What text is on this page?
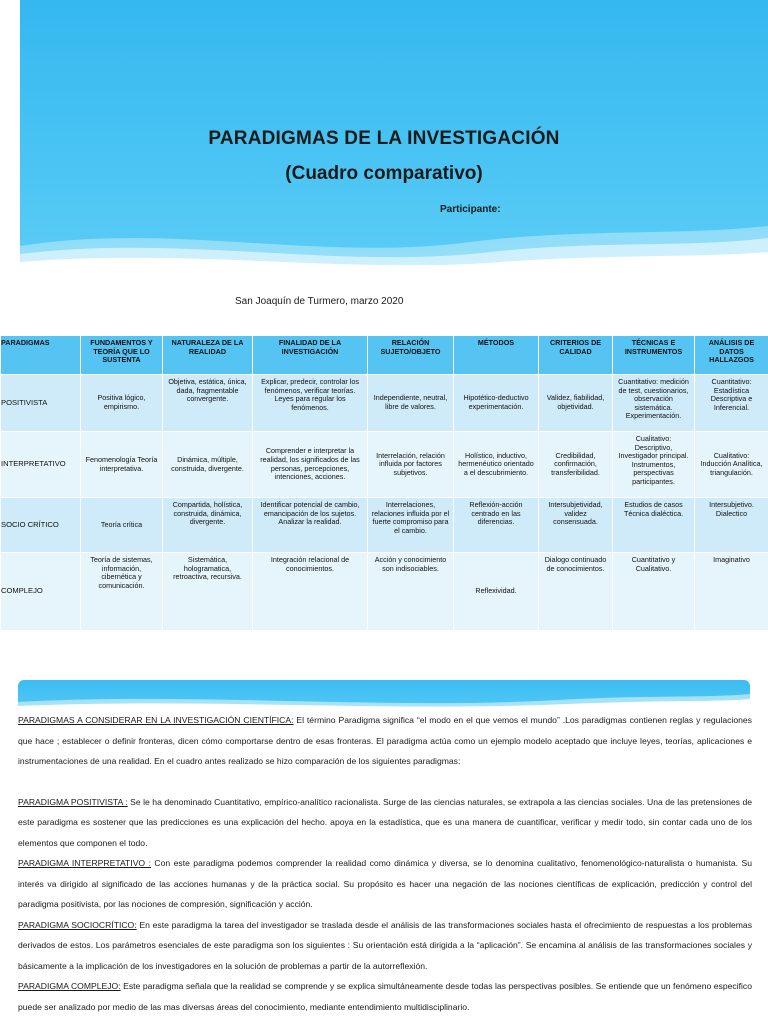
PARADIGMAS DE LA INVESTIGACIÓN
(Cuadro comparativo)
Participante:
San Joaquín de Turmero, marzo 2020
PARADIGMAS	FUNDAMENTOS Y TEORÍA QUE LO SUSTENTA	NATURALEZA DE LA REALIDAD	FINALIDAD DE LA INVESTIGACIÓN	RELACIÓN SUJETO/OBJETO	MÉTODOS	CRITERIOS DE CALIDAD	TÉCNICAS E INSTRUMENTOS	ANÁLISIS DE DATOS HALLAZGOS
POSITIVISTA	Positiva lógico, empirismo.	Objetiva, estática, única, dada, fragmentable convergente.	Explicar, predecir, controlar los fenómenos, verificar teorías. Leyes para regular los fenómenos.	Independiente, neutral, libre de valores.	Hipotético-deductivo experimentación.	Validez, fiabilidad, objetividad.	Cuantitativo: medición de test, cuestionarios, observación sistemática. Experimentación.	Cuantitativo: Estadística Descriptiva e Inferencial.
INTERPRETATIVO	Fenomenología Teoría interpretativa.	Dinámica, múltiple, construida, divergente.	Comprender e interpretar la realidad, los significados de las personas, percepciones, intenciones, acciones.	Interrelación, relación influida por factores subjetivos.	Holístico, inductivo, hermenéutico orientado a el descubrimiento.	Credibilidad, confirmación, transferibilidad.	Cualitativo: Descriptivo, Investigador principal. Instrumentos, perspectivas participantes.	Cualitativo: Inducción Analítica, triangulación.
SOCIO CRÍTICO	Teoría crítica	Compartida, holística, construida, dinámica, divergente.	Identificar potencial de cambio, emancipación de los sujetos. Analizar la realidad.	Interrelaciones, relaciones influida por el fuerte compromiso para el cambio.	Reflexión-acción centrado en las diferencias.	Intersubjetividad, validez consensuada.	Estudios de casos Técnica dialéctica.	Intersubjetivo. Dialectico
COMPLEJO	Teoría de sistemas, información, cibernética y comunicación.	Sistemática, hologramatica, retroactiva, recursiva.	Integración relacional de conocimientos.	Acción y conocimiento son indisociables.	Reflexividad.	Dialogo continuado de conocimientos.	Cuantitativo y Cualitativo.	Imaginativo

PARADIGMAS A CONSIDERAR EN LA INVESTIGACIÓN CIENTÍFICA: El término Paradigma significa “el modo en el que vemos el mundo” .Los paradigmas contienen reglas y regulaciones que hace ; establecer o definir fronteras, dicen cómo comportarse dentro de esas fronteras. El paradigma actúa como un ejemplo modelo aceptado que incluye leyes, teorías, aplicaciones e instrumentaciones de una realidad. En el cuadro antes realizado se hizo comparación de los siguientes paradigmas:

PARADIGMA POSITIVISTA : Se le ha denominado Cuantitativo, empírico-analítico racionalista. Surge de las ciencias naturales, se extrapola a las ciencias sociales. Una de las pretensiones de este paradigma es sostener que las predicciones es una explicación del hecho. apoya en la estadística, que es una manera de cuantificar, verificar y medir todo, sin contar cada uno de los elementos que componen el todo.

PARADIGMA INTERPRETATIVO : Con este paradigma podemos comprender la realidad como dinámica y diversa, se lo denomina cualitativo, fenomenológico-naturalista o humanista. Su interés va dirigido al significado de las acciones humanas y de la práctica social. Su propósito es hacer una negación de las nociones científicas de explicación, predicción y control del paradigma positivista, por las nociones de compresión, significación y acción.

PARADIGMA SOCIOCRÍTICO: En este paradigma la tarea del investigador se traslada desde el análisis de las transformaciones sociales hasta el ofrecimiento de respuestas a los problemas derivados de estos. Los parámetros esenciales de este paradigma son los siguientes : Su orientación está dirigida a la “aplicación”. Se encamina al análisis de las transformaciones sociales y básicamente a la implicación de los investigadores en la solución de problemas a partir de la autorreflexión.

PARADIGMA COMPLEJO: Este paradigma señala que la realidad se comprende y se explica simultáneamente desde todas las perspectivas posibles. Se entiende que un fenómeno especifico puede ser analizado por medio de las mas diversas áreas del conocimiento, mediante entendimiento multidisciplinario.
